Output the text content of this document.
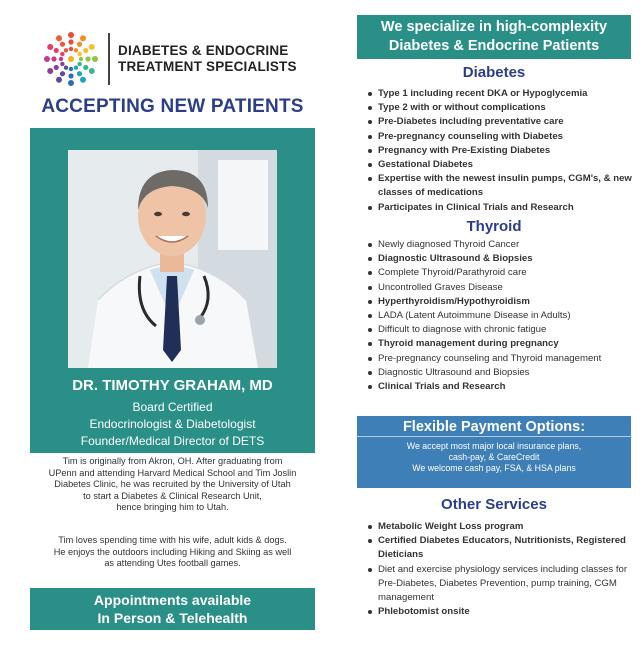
DIABETES & ENDOCRINE
TREATMENT SPECIALISTS
ACCEPTING NEW PATIENTS
DR. TIMOTHY GRAHAM, MD
Board Certified
Endocrinologist & Diabetologist
Founder/Medical Director of DETS
Tim is originally from Akron, OH. After graduating from
UPenn and attending Harvard Medical School and Tim Joslin
Diabetes Clinic, he was recruited by the University of Utah
to start a Diabetes & Clinical Research Unit,
hence bringing him to Utah.
Tim loves spending time with his wife, adult kids & dogs.
He enjoys the outdoors including Hiking and Skiing as well
as attending Utes football games.
Appointments available
In Person & Telehealth
We specialize in high-complexity
Diabetes & Endocrine Patients
Diabetes
Type 1 including recent DKA or Hypoglycemia
Type 2 with or without complications
Pre-Diabetes including preventative care
Pre-pregnancy counseling with Diabetes
Pregnancy with Pre-Existing Diabetes
Gestational Diabetes
Expertise with the newest insulin pumps, CGM's, & new classes of medications
Participates in Clinical Trials and Research
Thyroid
Newly diagnosed Thyroid Cancer
Diagnostic Ultrasound & Biopsies
Complete Thyroid/Parathyroid care
Uncontrolled Graves Disease
Hyperthyroidism/Hypothyroidism
LADA (Latent Autoimmune Disease in Adults)
Difficult to diagnose with chronic fatigue
Thyroid management during pregnancy
Pre-pregnancy counseling and Thyroid management
Diagnostic Ultrasound and Biopsies
Clinical Trials and Research
Flexible Payment Options:
We accept most major local insurance plans,
cash-pay, & CareCredit
We welcome cash pay, FSA, & HSA plans
Other Services
Metabolic Weight Loss program
Certified Diabetes Educators, Nutritionists, Registered Dieticians
Diet and exercise physiology services including classes for Pre-Diabetes, Diabetes Prevention, pump training, CGM management
Phlebotomist onsite
